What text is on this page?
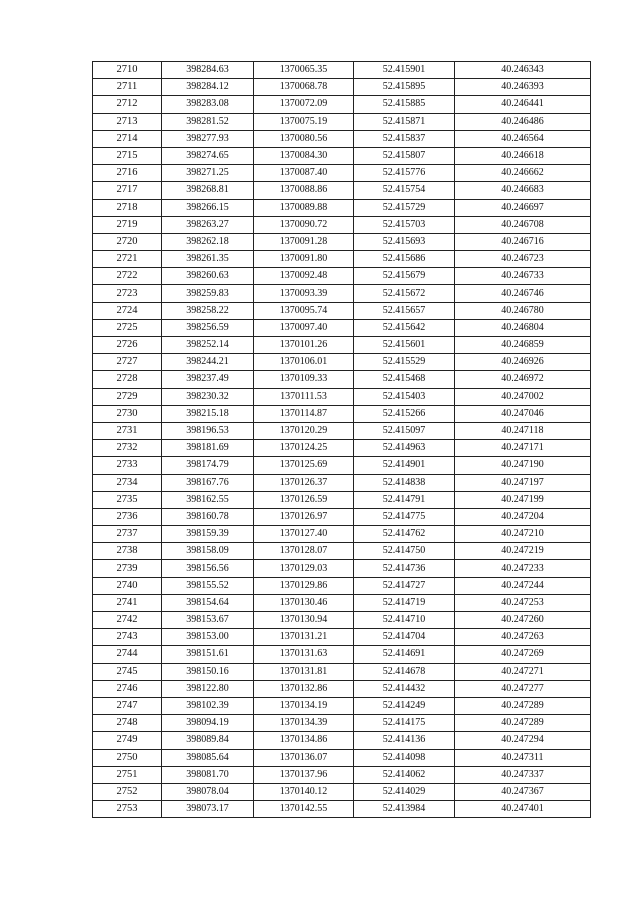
2710	398284.63	1370065.35	52.415901	40.246343
2711	398284.12	1370068.78	52.415895	40.246393
2712	398283.08	1370072.09	52.415885	40.246441
2713	398281.52	1370075.19	52.415871	40.246486
2714	398277.93	1370080.56	52.415837	40.246564
2715	398274.65	1370084.30	52.415807	40.246618
2716	398271.25	1370087.40	52.415776	40.246662
2717	398268.81	1370088.86	52.415754	40.246683
2718	398266.15	1370089.88	52.415729	40.246697
2719	398263.27	1370090.72	52.415703	40.246708
2720	398262.18	1370091.28	52.415693	40.246716
2721	398261.35	1370091.80	52.415686	40.246723
2722	398260.63	1370092.48	52.415679	40.246733
2723	398259.83	1370093.39	52.415672	40.246746
2724	398258.22	1370095.74	52.415657	40.246780
2725	398256.59	1370097.40	52.415642	40.246804
2726	398252.14	1370101.26	52.415601	40.246859
2727	398244.21	1370106.01	52.415529	40.246926
2728	398237.49	1370109.33	52.415468	40.246972
2729	398230.32	1370111.53	52.415403	40.247002
2730	398215.18	1370114.87	52.415266	40.247046
2731	398196.53	1370120.29	52.415097	40.247118
2732	398181.69	1370124.25	52.414963	40.247171
2733	398174.79	1370125.69	52.414901	40.247190
2734	398167.76	1370126.37	52.414838	40.247197
2735	398162.55	1370126.59	52.414791	40.247199
2736	398160.78	1370126.97	52.414775	40.247204
2737	398159.39	1370127.40	52.414762	40.247210
2738	398158.09	1370128.07	52.414750	40.247219
2739	398156.56	1370129.03	52.414736	40.247233
2740	398155.52	1370129.86	52.414727	40.247244
2741	398154.64	1370130.46	52.414719	40.247253
2742	398153.67	1370130.94	52.414710	40.247260
2743	398153.00	1370131.21	52.414704	40.247263
2744	398151.61	1370131.63	52.414691	40.247269
2745	398150.16	1370131.81	52.414678	40.247271
2746	398122.80	1370132.86	52.414432	40.247277
2747	398102.39	1370134.19	52.414249	40.247289
2748	398094.19	1370134.39	52.414175	40.247289
2749	398089.84	1370134.86	52.414136	40.247294
2750	398085.64	1370136.07	52.414098	40.247311
2751	398081.70	1370137.96	52.414062	40.247337
2752	398078.04	1370140.12	52.414029	40.247367
2753	398073.17	1370142.55	52.413984	40.247401
